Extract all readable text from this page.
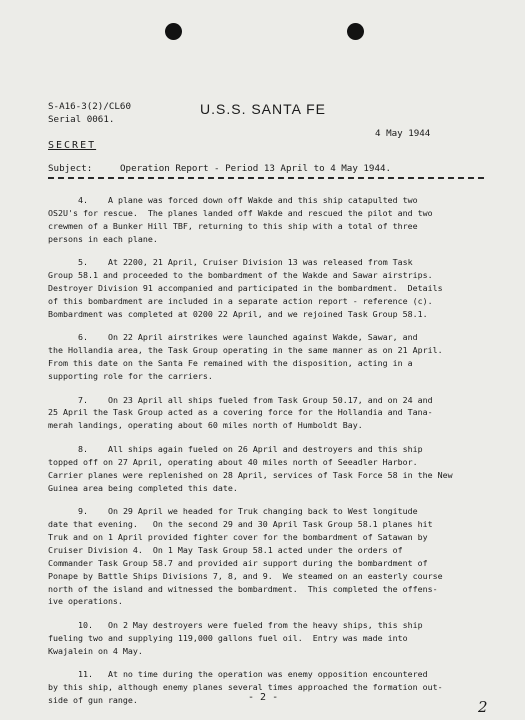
S-A16-3(2)/CL60
Serial 0061.
U.S.S. SANTA FE
4 May 1944
SECRET
Subject:	Operation Report - Period 13 April to 4 May 1944.

4.    A plane was forced down off Wakde and this ship catapulted two
OS2U's for rescue.  The planes landed off Wakde and rescued the pilot and two
crewmen of a Bunker Hill TBF, returning to this ship with a total of three
persons in each plane.

5.    At 2200, 21 April, Cruiser Division 13 was released from Task
Group 58.1 and proceeded to the bombardment of the Wakde and Sawar airstrips.
Destroyer Division 91 accompanied and participated in the bombardment.  Details
of this bombardment are included in a separate action report - reference (c).
Bombardment was completed at 0200 22 April, and we rejoined Task Group 58.1.

6.    On 22 April airstrikes were launched against Wakde, Sawar, and
the Hollandia area, the Task Group operating in the same manner as on 21 April.
From this date on the Santa Fe remained with the disposition, acting in a
supporting role for the carriers.

7.    On 23 April all ships fueled from Task Group 50.17, and on 24 and
25 April the Task Group acted as a covering force for the Hollandia and Tana-
merah landings, operating about 60 miles north of Humboldt Bay.

8.    All ships again fueled on 26 April and destroyers and this ship
topped off on 27 April, operating about 40 miles north of Seeadler Harbor.
Carrier planes were replenished on 28 April, services of Task Force 58 in the New
Guinea area being completed this date.

9.    On 29 April we headed for Truk changing back to West longitude
date that evening.   On the second 29 and 30 April Task Group 58.1 planes hit
Truk and on 1 April provided fighter cover for the bombardment of Satawan by
Cruiser Division 4.  On 1 May Task Group 58.1 acted under the orders of
Commander Task Group 58.7 and provided air support during the bombardment of
Ponape by Battle Ships Divisions 7, 8, and 9.  We steamed on an easterly course
north of the island and witnessed the bombardment.  This completed the offens-
ive operations.

10.   On 2 May destroyers were fueled from the heavy ships, this ship
fueling two and supplying 119,000 gallons fuel oil.  Entry was made into
Kwajalein on 4 May.

11.   At no time during the operation was enemy opposition encountered
by this ship, although enemy planes several times approached the formation out-
side of gun range.	- 2 -
2
